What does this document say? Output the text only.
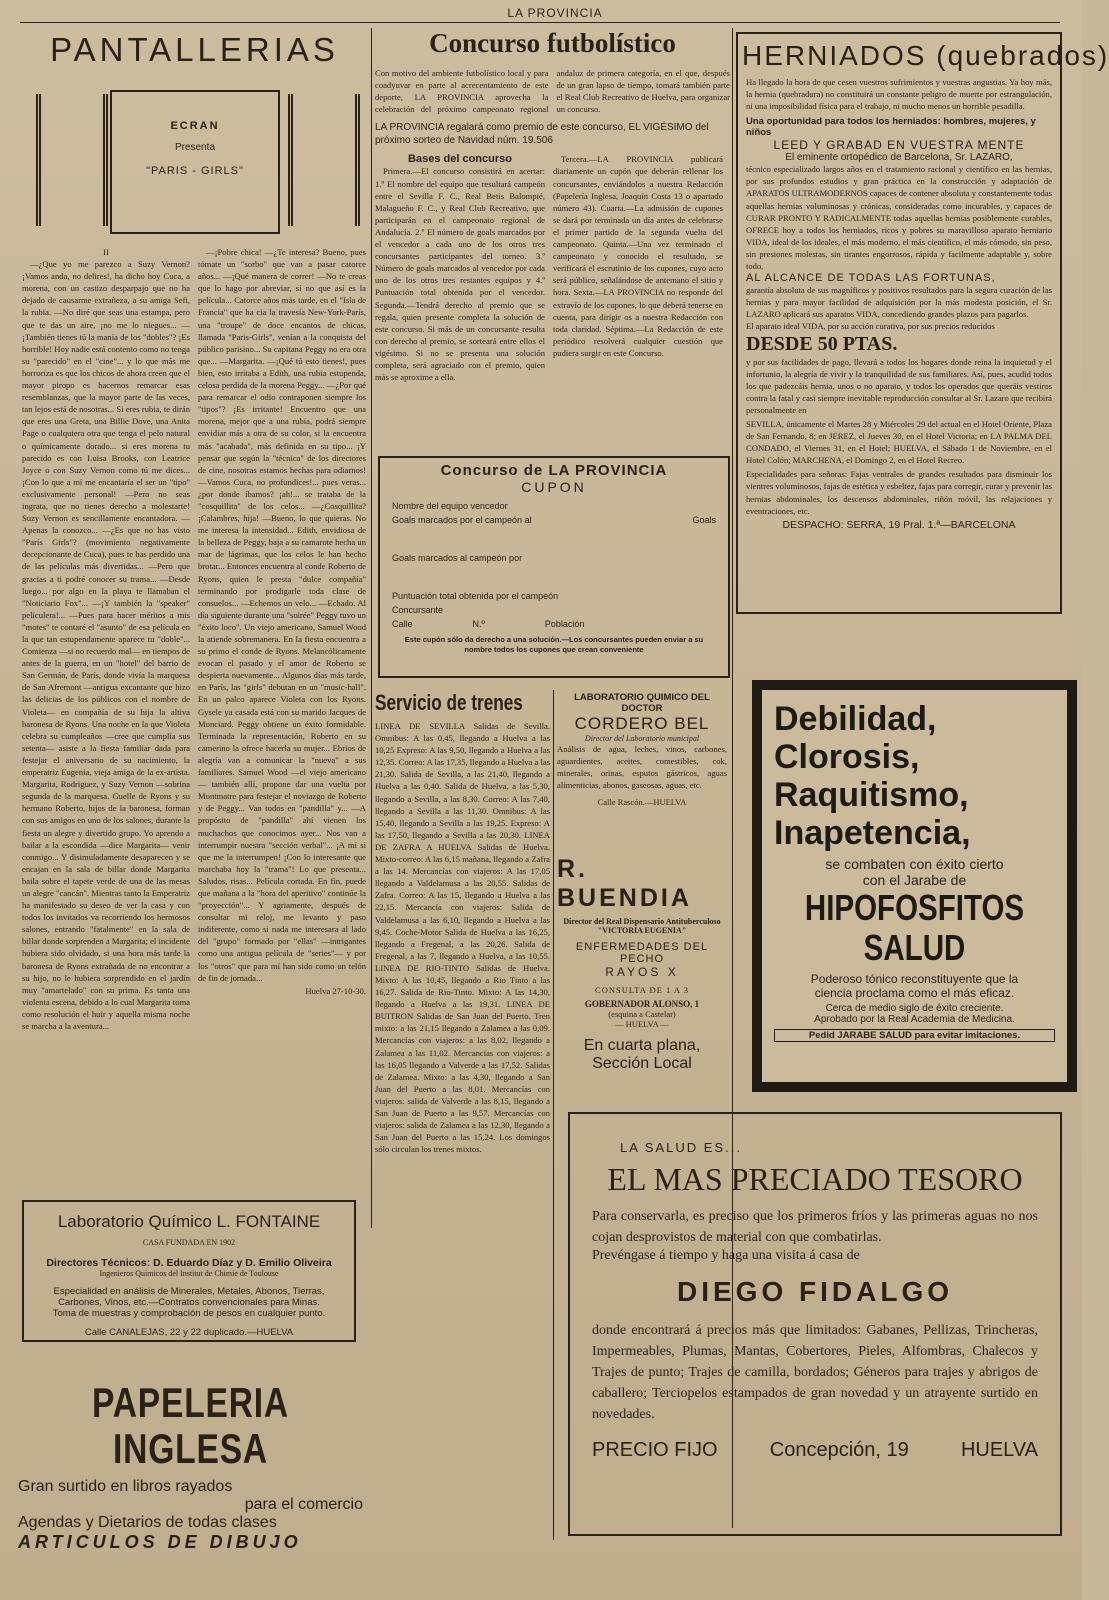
LA PROVINCIA
PANTALLERIAS
ECRAN
Presenta
"PARIS - GIRLS"
II

—¿Que yo me parezco a Suzy Vernon? ¡Vamos anda, no delires!, ha dicho hoy Cuca, a morena, con un castizo desparpajo que no ha dejado de causarme extrañeza, a su amiga Sefi, la rubia. —No diré que seas una estampa, pero que te das un aire, ¡no me lo niegues... —¡También tienes tú la manía de los "dobles"? ¡Es horrible! Hoy nadie está contento como no tenga su "parecido" en el "cine"... y lo que más me horroriza es que los chicos de ahora creen que el mayor piropo es hacernos remarcar esas resemblanzas, que la mayor parte de las veces, tan lejos está de nosotras... Si eres rubia, te dirán que eres una Greta, una Billie Dove, una Anita Page o cualquiera otra que tenga el pelo natural o químicamente dorado... si eres morena tu parecido es con Luisa Brooks, con Leatrice Joyce o con Suzy Vernon como tú me dices... ¡Con lo que a mí me encantaría el ser un "tipo" exclusivamente personal! —Pero no seas ingrata, que no tienes derecho a molestarte! Suzy Vernon es sencillamente encantadora. —Apenas la conozco... —¿Es que no has visto "París Girls"? (movimiento negativamente decepcionante de Cuca), pues te has perdido una de las películas más divertidas... —Pero que gracias a ti podré conocer su trama... —Desde luego... por algo en la playa te llamaban el "Noticiario Fox"... —¡Y también la "speaker" peliculera!... —Pues para hacer méritos a mis "motes" te contaré el "asunto" de esa película en la que tan estupendamente aparece tu "doble"... Comienza —si no recuerdo mal— en tiempos de antes de la guerra, en un "hotel" del barrio de San Germán, de París, donde vivía la marquesa de San Afremont —antigua excantante que hizo las delicias de los públicos con el nombre de Violeta— en compañía de su hija la altiva baronesa de Ryons. Una noche en la que Violeta celebra su cumpleaños —cree que cumplía sus setenta— asiste a la fiesta familiar dada para festejar el aniversario de su nacimiento, la emperatriz Eugenia, vieja amiga de la ex-artista. Margarita, Rodriguez, y Suzy Vernon —sobrina segunda de la marquesa. Guelle de Ryons y su hermano Roberto, hijos de la baronesa, forman con sus amigos en uno de los salones, durante la fiesta un alegre y divertido grupo. Yo aprendo a bailar a la escondida —dice Margarita— venir conmigo... Y disimuladamente desaparecen y se encajan en la sala de billar donde Margarita baila sobre el tapete verde de una de las mesas un alegre "cancán". Mientras tanto la Emperatriz ha manifestado su deseo de ver la casa y con todos los invitados va recorriendo los hermosos salones, entrando "fatalmente" en la sala de billar donde sorprenden a Margarita; el incidente hubiera sido olvidado, si una hora más tarde la baronesa de Ryons extrañada de no encontrar a su hijo, no le hubiera sorprendido en el jardín muy "amartelado" con su prima. Es tanta una violenta escena, debido a lo cual Margarita toma como resolución el huir y aquella misma noche se marcha a la aventura...

—¡Pobre chica! —¿Te interesa? Bueno, pues tómate un "sorbo" que van a pasar catorce años... —¡Qué manera de correr! —No te creas que lo hago por abreviar, sí no que así es la película... Catorce años más tarde, en el "Isla de Francia" que ha cia la travesía New-York-París, una "troupe" de doce encantos de chicas, llamada "Paris-Girls", venían a la conquista del público parisino... Su capitana Peggy no era otra que... —Margarita. —¡Qué tú esto tienes!, pues bien, esto irritaba a Edith, una rubia estupenda, celosa perdida de la morena Peggy... —¿Por qué para remarcar el odio contraponen siempre los "tipos"? ¡Es irritante! Encuentro que una morena, mejor que a una rubia, podrá siempre envidiar más a otra de su color, si la encuentra más "acabada", más definida en su tipo... ¡Y pensar que según la "técnica" de los directores de cine, nosotras estamos hechas para odiarnos! —Vamos Cuca, no profundices!... pues veras... ¿por donde íbamos? ¡ah!... se trataba de la "cosquillita" de los celos... —¿Cosquillita? ¡Calambres, hija! —Bueno, lo que quieras. No me interesa la intensidad... Edith, envidiosa de la belleza de Peggy, baja a su camarote hecha un mar de lágrimas, que los celos le han hecho brotar... Entonces encuentra al conde Roberto de Ryons, quien le presta "dulce compañía" terminando por prodigarle toda clase de consuelos... —Echemos un velo... —Echado. Al día siguiente durante una "soirée" Peggy tuvo un "éxito loco". Un viejo americano, Samuel Wood la atiende sobremanera. En la fiesta encuentra a su primo el conde de Ryons. Melancólicamente evocan el pasado y el amor de Roberto se despierta nuevamente... Algunos días más tarde, en París, las "girls" debutan en un "music-hall". En un palco aparece Violeta con los Ryons. Gysele ya casada está con su marido Jacques de Monciard. Peggy obtiene un éxito formidable. Terminada la representación, Roberto en su camerino la ofrece hacerla su mujer... Ebrios de alegría van a comunicar la "nueva" a sus familiares. Samuel Wood —el viejo americano— también allí, propone dar una vuelta por Montmatre para festejar el noviazgo de Roberto y de Peggy... Van todos en "pandilla" y... —A propósito de "pandilla" ahí vienen los muchachos que conocimos ayer... Nos van a interrumpir nuestra "sección verbal"... ¡A mí si que me la interrumpen! ¡Con lo interesante que marchaba hoy la "trama"! Lo que presenta... Saludos, risas... Película cortada. En fin, puede que mañana a la "hora del aperitivo" continúe la "proyección"... Y agriamente, después de consultar mi reloj, me levanto y paso indiferente, como si nada me interesara al lado del "grupo" formado por "ellas" —intrigantes como una antigua película de "series"— y por los "otros" que para mí han sido como un telón de fin de jornada...

Huelva 27-10-30.
Laboratorio Químico L. FONTAINE
CASA FUNDADA EN 1902
Directores Técnicos: D. Eduardo Díaz y D. Emilio Oliveira
Ingenieros Químicos del Institut de Chimie de Toulouse
Especialidad en análisis de Minerales, Metales, Abonos, Tierras,
Carbones, Vinos, etc.—Contratos convencionales para Minas.
Toma de muestras y comprobación de pesos en cualquier punto.
Calle CANALEJAS, 22 y 22 duplicado.—HUELVA
PAPELERIA INGLESA
Gran surtido en libros rayados
para el comercio
Agendas y Dietarios de todas clases
ARTICULOS DE DIBUJO
Concurso futbolístico
Con motivo del ambiente futbolístico local y para coadyuvar en parte al acrecentamiento de este deporte, LA PROVINCIA aprovecha la celebración del próximo campeonato regional andaluz de primera categoría, en el que, después de un gran lapso de tiempo, tomará también parte el Real Club Recreativo de Huelva, para organizar un concurso.
LA PROVINCIA regalará como premio de este concurso, EL VIGÉSIMO del próximo sorteo de Navidad núm. 19.506
Bases del concurso

Primera.—El concurso consistirá en acertar: 1.º El nombre del equipo que resultará campeón entre el Sevilla F. C., Real Betis Balompié, Malagueño F. C., y Real Club Recreativo, que participarán en el campeonato regional de Andalucía. 2.º El número de goals marcados por el vencedor a cada uno de los otros tres concursantes participantes del torneo. 3.º Número de goals marcados al vencedor por cada uno de los otros tres restantes equipos y 4.º Puntuación total obtenida por el vencedor. Segunda.—Tendrá derecho al premio que se regala, quien presente completa la solución de este concurso. Si más de un concursante resulta con derecho al premio, se sorteará entre ellos el vigésimo. Si no se presenta una solución completa, será agraciado con el premio, quien más se aproxime a ella.

Tercera.—LA PROVINCIA publicará diariamente un cupón que deberán rellenar los concursantes, enviándolos a nuestra Redacción (Papelería Inglesa, Joaquín Costa 13 o apartado número 43). Cuarta.—La admisión de cupones se dará por terminada un día antes de celebrarse el primer partido de la segunda vuelta del campeonato. Quinta.—Una vez terminado el campeonato y conocido el resultado, se verificará el escrutinio de los cupones, cuyo acto será público, señalándose de antemano el sitio y hora. Sexta.—LA PROVINCIA no responde del extravío de los cupones, lo que deberá tenerse en cuenta, para dirigir os a nuestra Redacción con toda claridad. Séptima.—La Redacción de este periódico resolverá cualquier cuestión que pudiera surgir en este Concurso.

Concurso de LA PROVINCIA
CUPON
Nombre del equipo vencedor
Goals marcados por el campeón al	Goals
Goals marcados al campeón por
Puntuación total obtenida por el campeón
Concursante
Calle	N.º	Población
Este cupón sólo da derecho a una solución.—Los concursantes pueden enviar a su nombre todos los cupones que crean conveniente
Servicio de trenes
LINEA DE SEVILLA Salidas de Sevilla. Omnibus: A las 0,45, llegando a Huelva a las 10,25 Expreso: A las 9,50, llegando a Huelva a las 12,35. Correo: A las 17,35, llegando a Huelva a las 21,30. Salida de Sevilla, a las 21,40, llegando a Huelva a las 0,40. Salida de Huelva, a las 5,30, llegando a Sevilla, a las 8,30. Correo: A las 7,40, llegando a Sevilla a las 11,30. Omnibus: A las 15,40, llegando a Sevilla a las 19,25. Expreso: A las 17,50, llegando a Sevilla a las 20,30. LINEA DE ZAFRA A HUELVA Salidas de Huelva. Mixto-correo: A las 6,15 mañana, llegando a Zafra a las 14. Mercancías con viajeros: A las 17,05 llegando a Valdelamusa a las 20,55. Salidas de Zafra. Correo: A las 15, llegando a Huelva a las 22,15. Mercancía con viajeros: Salida de Valdelamusa a las 6,10, llegando a Huelva a las 9,45. Coche-Motor Salida de Huelva a las 16,25, llegando a Fregenal, a las 20,26. Salida de Fregenal, a las 7, llegando a Huelva, a las 10,55. LINEA DE RIO-TINTO Salidas de Huelva. Mixto: A las 10,45, llegando a Rio Tinto a las 16,27. Salida de Rio-Tinto. Mixto: A las 14,30, llegando a Huelva a las 19,31. LINEA DE BUITRON Salidas de San Juan del Puerto. Tren mixto: a las 21,15 llegando a Zalamea a las 0,09. Mercancías con viajeros: a las 8,02, llegando a Zalamea a las 11,02. Mercancías con viajeros: a las 16,05 llegando a Valverde a las 17,52. Salidas de Zalamea. Mixto: a las 4,30, llegando a San Juan del Puerto a las 8,01. Mercancías con viajeros: salida de Valverde a las 8,15, llegando a San Juan de Puerto a las 9,57. Mercancías con viajeros: salida de Zalamea a las 12,30, llegando a San Juan del Puerto a las 15,24. Los domingos sólo circulan los trenes mixtos.
LABORATORIO QUIMICO DEL DOCTOR
CORDERO BEL
Director del Laboratorio municipal
Análisis de agua, leches, vinos, carbones, aguardientes, aceites, comestibles, cok, minerales, orinas, esputos gástricos, aguas alimenticias, abonos, gaseosas, aguas, etc.
Calle Rascón.—HUELVA
R. BUENDIA
Director del Real Dispensario Antituberculoso "VICTORIA EUGENIA"
ENFERMEDADES DEL PECHO
RAYOS X
CONSULTA DE 1 A 3
GOBERNADOR ALONSO, 1
(esquina a Castelar)
— HUELVA —
En cuarta plana,
Sección Local
HERNIADOS (quebrados)
Ha llegado la hora de que cesen vuestros sufrimientos y vuestras angustias. Ya hoy más, la hernia (quebradura) no constituirá un constante peligro de muerte por estrangulación, ni una imposibilidad física para el trabajo, ni mucho menos un horrible pesadilla.
Una oportunidad para todos los herniados: hombres, mujeres, y niños
LEED Y GRABAD EN VUESTRA MENTE
El eminente ortopédico de Barcelona, Sr. LAZARO,
técnico especializado largos años en el tratamiento racional y científico en las hernias, por sus profundos estudios y gran práctica en la construcción y adaptación de APARATOS ULTRAMODERNOS capaces de contener absoluta y constantemente todas aquellas hernias voluminosas y crónicas, consideradas como incurables, y capaces de CURAR PRONTO Y RADICALMENTE todas aquellas hernias posiblemente curables, OFRECE hoy a todos los herniados, ricos y pobres su maravilloso aparato herniario VIDA, ideal de los ideales, el más moderno, el más científico, el más cómodo, sin peso, sin presiones molestas, sin tirantes engorrosos, rápida y facilmente adaptable y, sobre todo,
AL ALCANCE DE TODAS LAS FORTUNAS,
garantía absoluta de sus magníficos y positivos resultados para la segura curación de las hernias y para mayor facilidad de adquisición por la más modesta posición, el Sr. LAZARO aplicará sus aparatos VIDA, concediendo grandes plazos para pagarlos.
El aparato ideal VIDA, por su acción curativa, por sus precios reducidos
DESDE 50 PTAS.
y por sus facilidades de pago, llevará a todos los hogares donde reina la inquietud y el infortunio, la alegría de vivir y la tranquilidad de sus familiares. Así, pues, acudid todos los que padezcáis hernia, unos o no aparato, y todos los operados que queráis vestiros contra la fatal y casi siempre inevitable reproducción consultar al Sr. Lazaro que recibirá personalmente en
SEVILLA, únicamente el Martes 28 y Miércoles 29 del actual en el Hotel Oriente, Plaza de San Fernando, 8; en JEREZ, el Jueves 30, en el Hotel Victoria; en LA PALMA DEL CONDADO, el Viernes 31, en el Hotel; HUELVA, el Sábado 1 de Noviembre, en el Hotel Colón; MARCHENA, el Domingo 2, en el Hotel Recreo.
Especialidades para señoras: Fajas ventrales de grandes resultados para disminuir los vientres voluminosos, fajas de estética y esbeltez, fajas para corregir, curar y prevenir las hernias abdominales, los descensos abdominales, riñón móvil, las relajaciones y eventraciones, etc.
DESPACHO: SERRA, 19 Pral. 1.ª—BARCELONA
Debilidad,
Clorosis,
Raquitismo,
Inapetencia,
se combaten con éxito cierto
con el Jarabe de
HIPOFOSFITOS
SALUD
Poderoso tónico reconstituyente que la
ciencia proclama como el más eficaz.
Cerca de medio siglo de éxito creciente.
Aprobado por la Real Academia de Medicina.
Pedid JARABE SALUD para evitar imitaciones.
LA SALUD ES...
EL MAS PRECIADO TESORO
Para conservarla, es preciso que los primeros fríos y las primeras aguas no nos cojan desprovistos de material con que combatirlas.
Prevéngase á tiempo y haga una visita á casa de
DIEGO FIDALGO
donde encontrará á precios más que limitados: Gabanes, Pellizas, Trincheras, Impermeables, Plumas, Mantas, Cobertores, Pieles, Alfombras, Chalecos y Trajes de punto; Trajes de camilla, bordados; Géneros para trajes y abrigos de caballero; Terciopelos estampados de gran novedad y un atrayente surtido en novedades.
PRECIO FIJO	Concepción, 19	HUELVA
